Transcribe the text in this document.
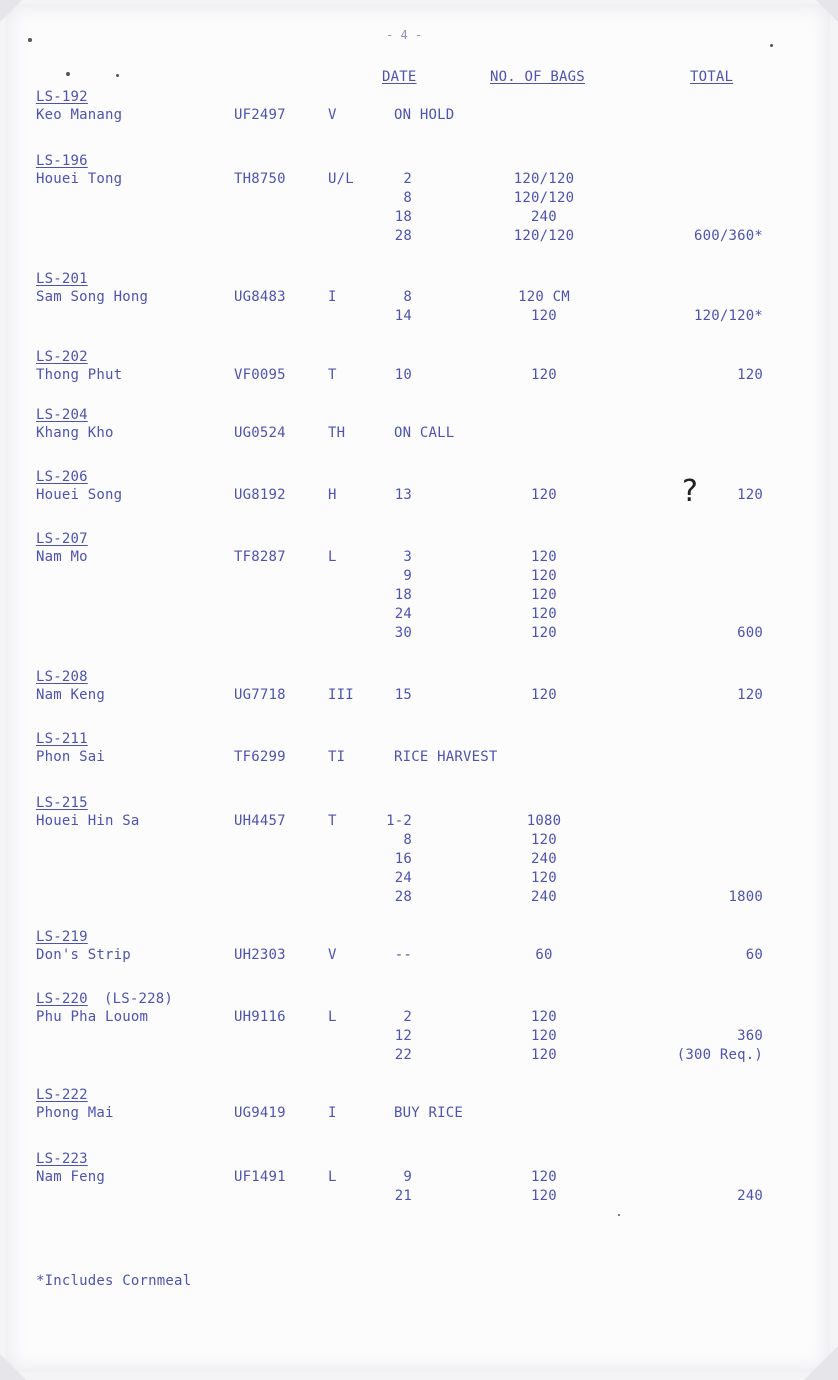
- 4 -
DATE	NO. OF BAGS	TOTAL
LS-192
Keo Manang	UF2497	V	ON HOLD
LS-196
Houei Tong	TH8750	U/L	2	120/120
8	120/120
18	240
28	120/120	600/360*
LS-201
Sam Song Hong	UG8483	I	8	120 CM
14	120	120/120*
LS-202
Thong Phut	VF0095	T	10	120	120
LS-204
Khang Kho	UG0524	TH	ON CALL
LS-206
Houei Song	UG8192	H	13	120	120
LS-207
Nam Mo	TF8287	L	3	120
9	120
18	120
24	120
30	120	600
LS-208
Nam Keng	UG7718	III	15	120	120
LS-211
Phon Sai	TF6299	TI	RICE HARVEST
LS-215
Houei Hin Sa	UH4457	T	1-2	1080
8	120
16	240
24	120
28	240	1800
LS-219
Don's Strip	UH2303	V	--	60	60
LS-220 (LS-228)
Phu Pha Louom	UH9116	L	2	120
12	120	360
22	120	(300 Req.)
LS-222
Phong Mai	UG9419	I	BUY RICE
LS-223
Nam Feng	UF1491	L	9	120
21	120	240
?
*Includes Cornmeal
